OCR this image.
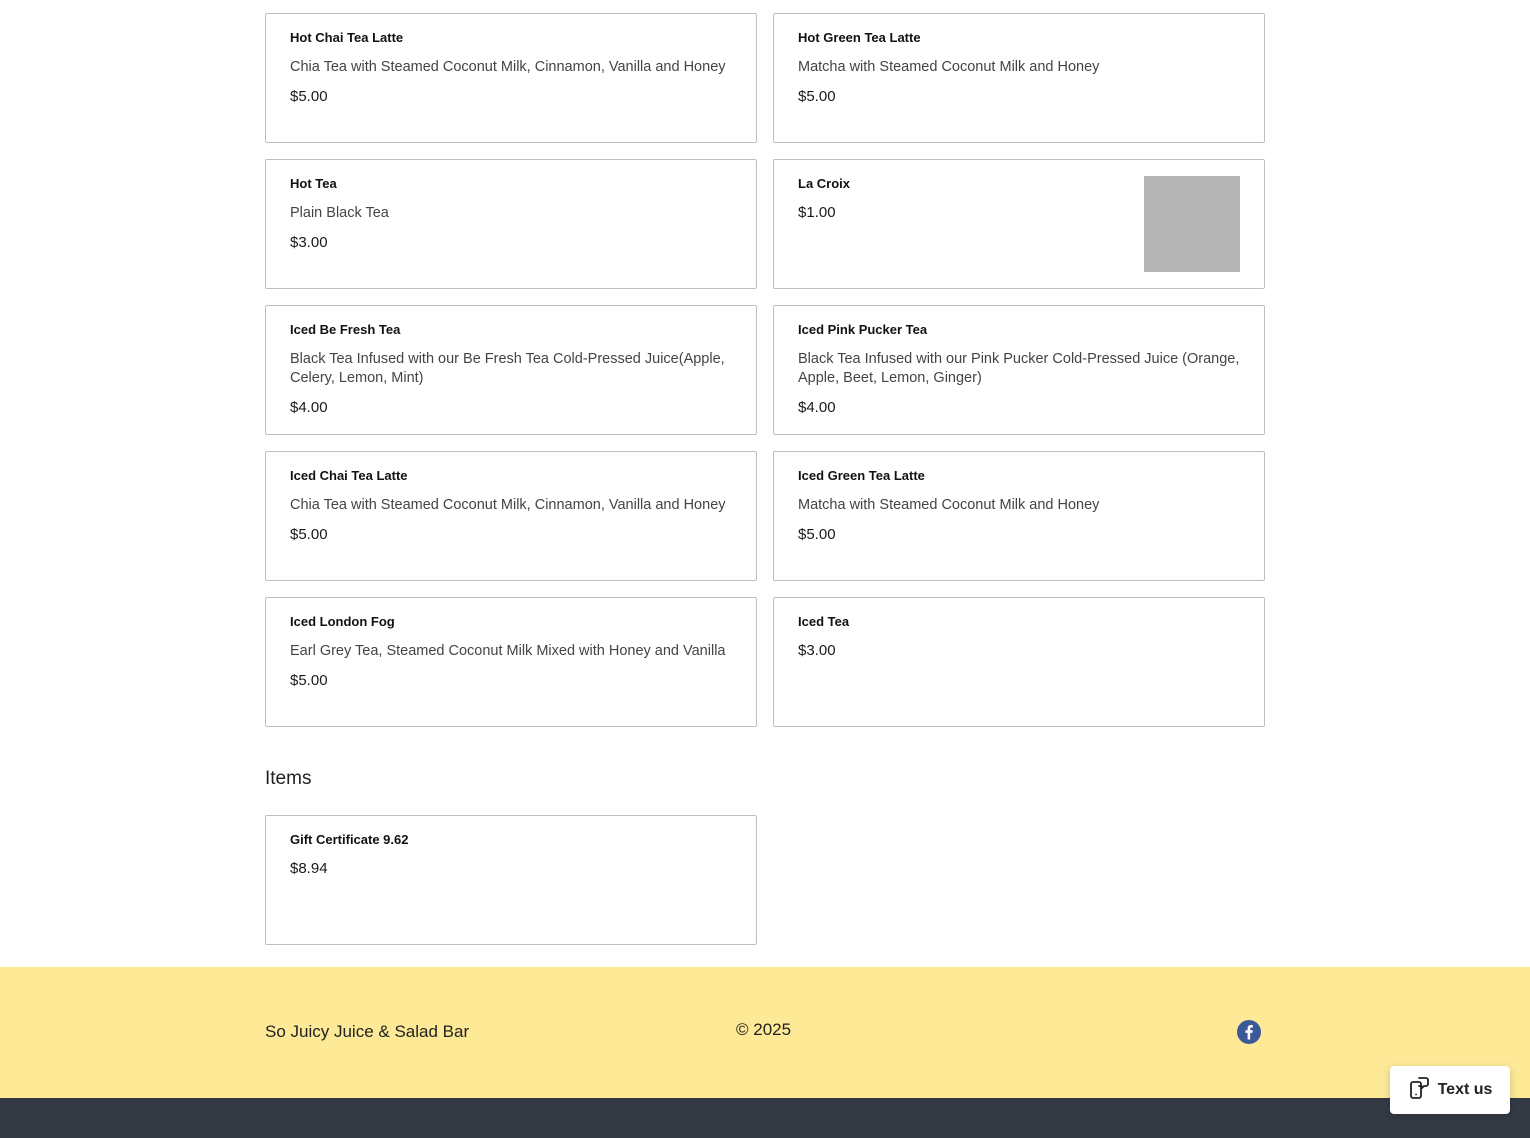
Hot Chai Tea Latte
Chia Tea with Steamed Coconut Milk, Cinnamon, Vanilla and Honey
$5.00
Hot Green Tea Latte
Matcha with Steamed Coconut Milk and Honey
$5.00
Hot Tea
Plain Black Tea
$3.00
La Croix
$1.00
Iced Be Fresh Tea
Black Tea Infused with our Be Fresh Tea Cold-Pressed Juice(Apple, Celery, Lemon, Mint)
$4.00
Iced Pink Pucker Tea
Black Tea Infused with our Pink Pucker Cold-Pressed Juice (Orange, Apple, Beet, Lemon, Ginger)
$4.00
Iced Chai Tea Latte
Chia Tea with Steamed Coconut Milk, Cinnamon, Vanilla and Honey
$5.00
Iced Green Tea Latte
Matcha with Steamed Coconut Milk and Honey
$5.00
Iced London Fog
Earl Grey Tea, Steamed Coconut Milk Mixed with Honey and Vanilla
$5.00
Iced Tea
$3.00
Items
Gift Certificate 9.62
$8.94
So Juicy Juice & Salad Bar	© 2025
Text us
